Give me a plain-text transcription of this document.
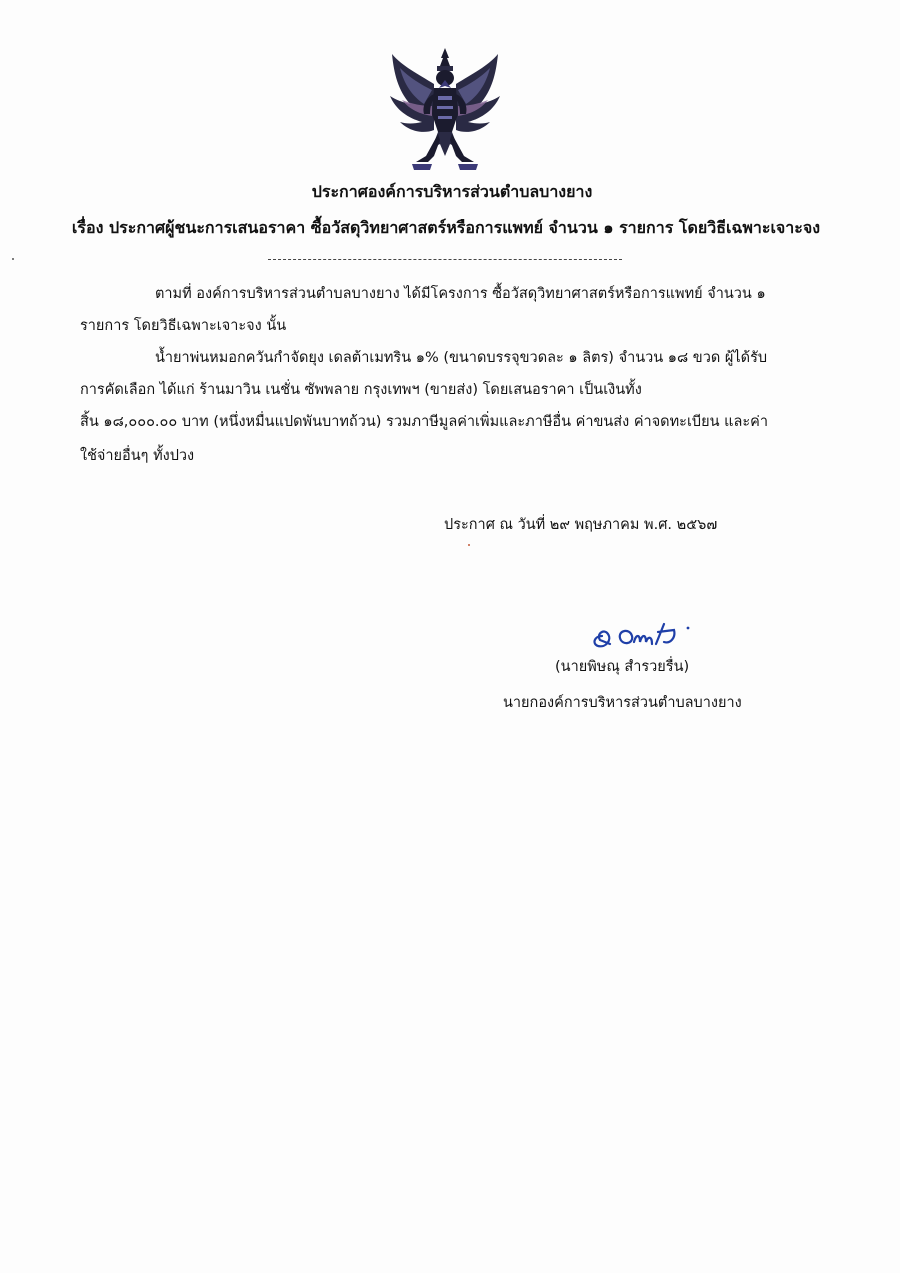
ประกาศองค์การบริหารส่วนตำบลบางยาง
เรื่อง ประกาศผู้ชนะการเสนอราคา ซื้อวัสดุวิทยาศาสตร์หรือการแพทย์ จำนวน ๑ รายการ โดยวิธีเฉพาะเจาะจง
ตามที่ องค์การบริหารส่วนตำบลบางยาง ได้มีโครงการ ซื้อวัสดุวิทยาศาสตร์หรือการแพทย์ จำนวน ๑
รายการ โดยวิธีเฉพาะเจาะจง นั้น
น้ำยาพ่นหมอกควันกำจัดยุง เดลต้าเมทริน ๑% (ขนาดบรรจุขวดละ ๑ ลิตร) จำนวน ๑๘ ขวด ผู้ได้รับ
การคัดเลือก ได้แก่ ร้านมาวิน เนชั่น ซัพพลาย กรุงเทพฯ (ขายส่ง) โดยเสนอราคา เป็นเงินทั้ง
สิ้น ๑๘,๐๐๐.๐๐ บาท (หนึ่งหมื่นแปดพันบาทถ้วน) รวมภาษีมูลค่าเพิ่มและภาษีอื่น ค่าขนส่ง ค่าจดทะเบียน และค่า
ใช้จ่ายอื่นๆ ทั้งปวง
ประกาศ ณ วันที่ ๒๙ พฤษภาคม พ.ศ. ๒๕๖๗
(นายพิษณุ สำรวยรื่น)
นายกองค์การบริหารส่วนตำบลบางยาง
